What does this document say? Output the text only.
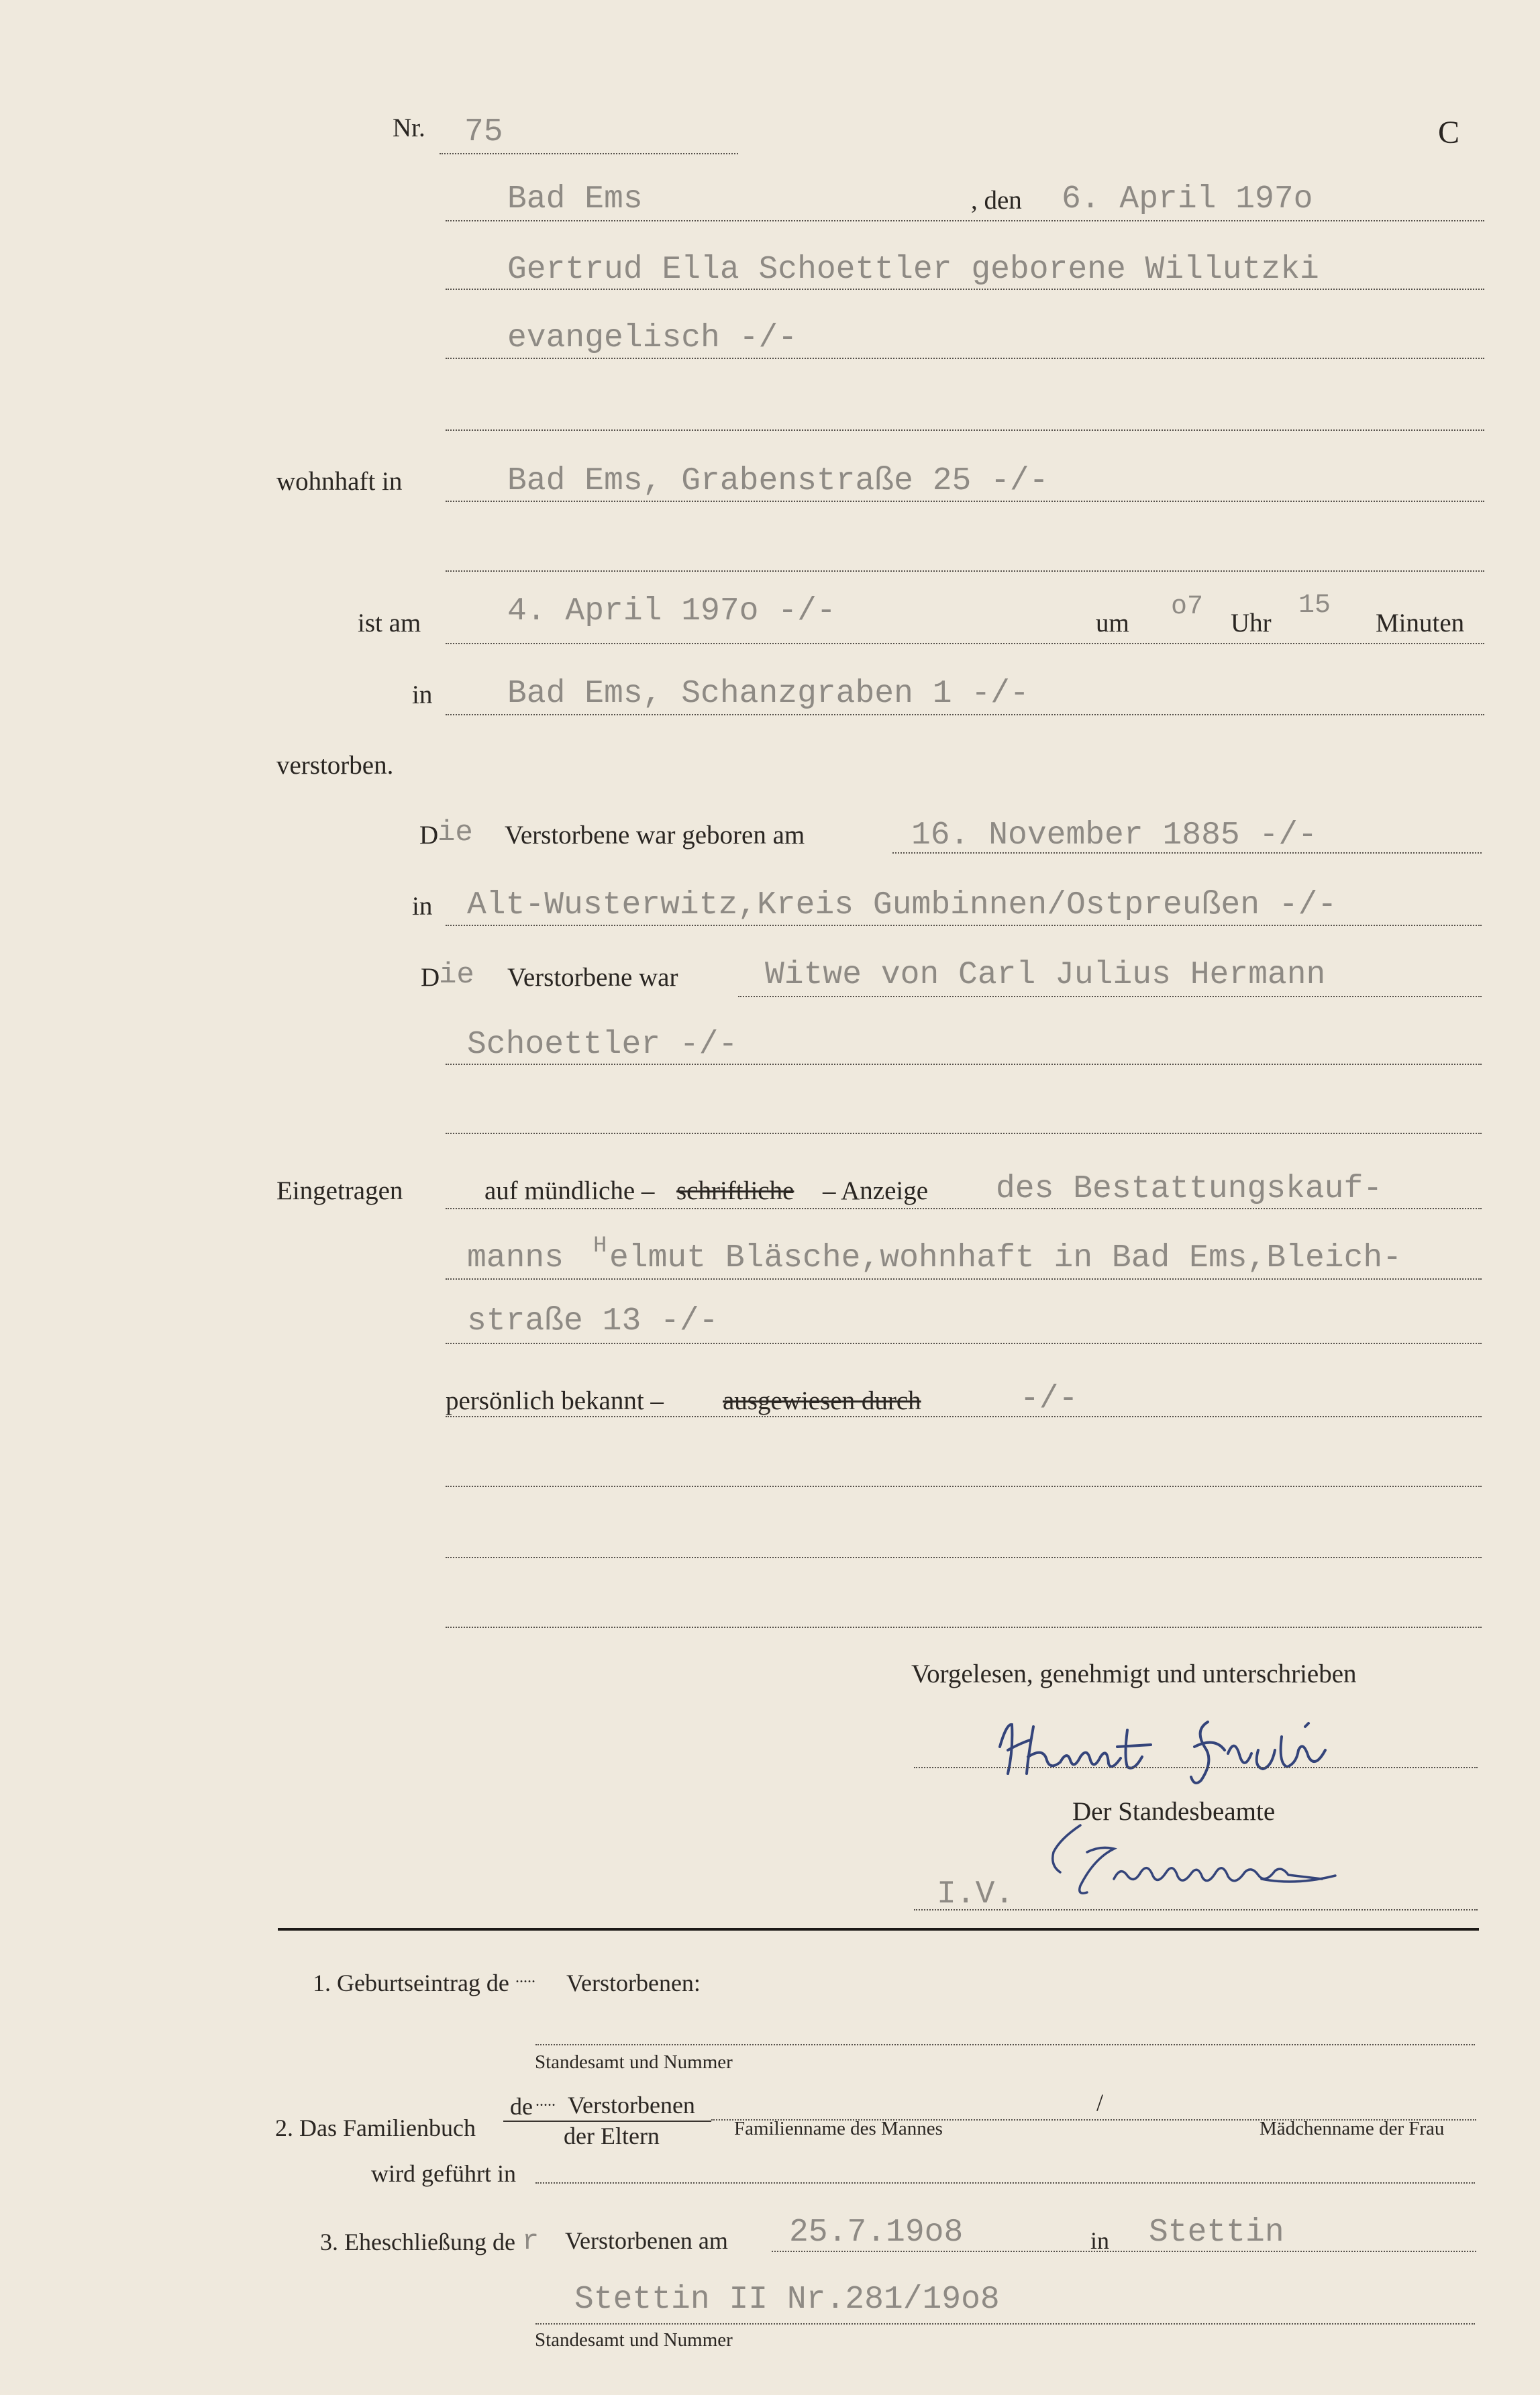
Nr. 75	C
Bad Ems	, den 6. April 197o
Gertrud Ella Schoettler geborene Willutzki
evangelisch -/-
wohnhaft in	Bad Ems, Grabenstraße 25 -/-
ist am	4. April 197o -/-	um
o7
Uhr
15
Minuten
in Bad Ems, Schanzgraben 1 -/-
verstorben.
D
ie Verstorbene war geboren am	16. November 1885 -/-
in Alt-Wusterwitz,Kreis Gumbinnen/Ostpreußen -/-
D
ie Verstorbene war	Witwe von Carl Julius Hermann
Schoettler -/-
Eingetragen	auf mündliche – schriftliche – Anzeige des Bestattungskauf-
manns H elmut Bläsche,wohnhaft in Bad Ems,Bleich-
straße 13 -/-
persönlich bekannt – ausgewiesen durch	-/-
Vorgelesen, genehmigt und unterschrieben
Der Standesbeamte
I.V.
1. Geburtseintrag de ..... Verstorbenen:
Standesamt und Nummer
2. Das Familienbuch
de ..... Verstorbenen
der Eltern
/
Familienname des Mannes	Mädchenname der Frau
wird geführt in
3. Eheschließung de r Verstorbenen am 25.7.19o8	in Stettin
Stettin II Nr.281/19o8
Standesamt und Nummer
